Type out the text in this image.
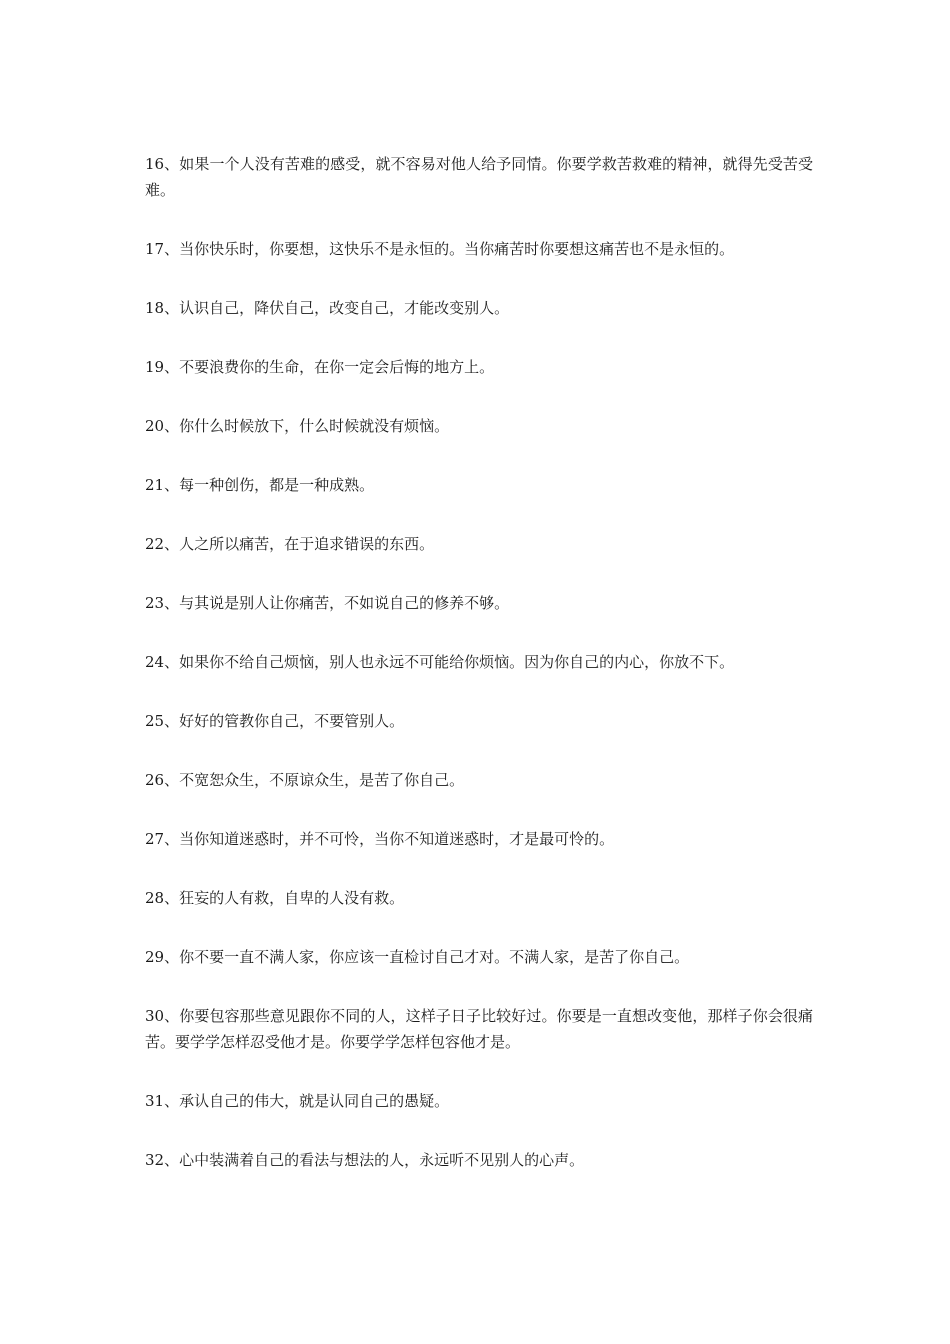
16、如果一个人没有苦难的感受，就不容易对他人给予同情。你要学救苦救难的精神，就得先受苦受难。

17、当你快乐时，你要想，这快乐不是永恒的。当你痛苦时你要想这痛苦也不是永恒的。

18、认识自己，降伏自己，改变自己，才能改变别人。

19、不要浪费你的生命，在你一定会后悔的地方上。

20、你什么时候放下，什么时候就没有烦恼。

21、每一种创伤，都是一种成熟。

22、人之所以痛苦，在于追求错误的东西。

23、与其说是别人让你痛苦，不如说自己的修养不够。

24、如果你不给自己烦恼，别人也永远不可能给你烦恼。因为你自己的内心，你放不下。

25、好好的管教你自己，不要管别人。

26、不宽恕众生，不原谅众生，是苦了你自己。

27、当你知道迷惑时，并不可怜，当你不知道迷惑时，才是最可怜的。

28、狂妄的人有救，自卑的人没有救。

29、你不要一直不满人家，你应该一直检讨自己才对。不满人家，是苦了你自己。

30、你要包容那些意见跟你不同的人，这样子日子比较好过。你要是一直想改变他，那样子你会很痛苦。要学学怎样忍受他才是。你要学学怎样包容他才是。

31、承认自己的伟大，就是认同自己的愚疑。

32、心中装满着自己的看法与想法的人，永远听不见别人的心声。
